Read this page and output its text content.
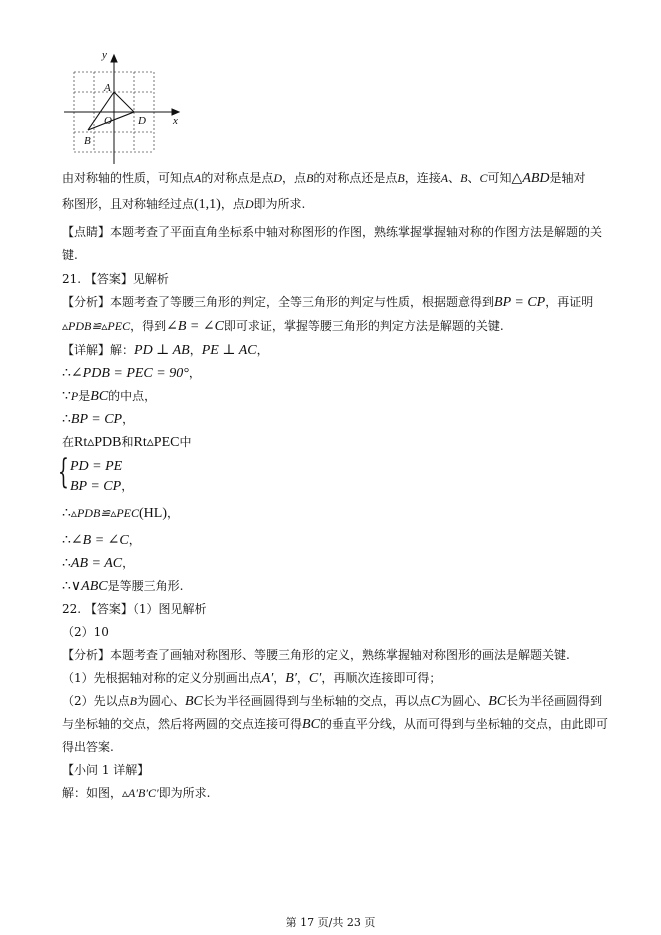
y
x
A
O D
B
由对称轴的性质，可知点A的对称点是点D，点B的对称点还是点B，连接A、B、C可知△ABD是轴对
称图形，且对称轴经过点(1,1)，点D即为所求.
【点睛】本题考查了平面直角坐标系中轴对称图形的作图，熟练掌握掌握轴对称的作图方法是解题的关
键.
21. 【答案】见解析
【分析】本题考查了等腰三角形的判定，全等三角形的判定与性质，根据题意得到BP = CP，再证明
▵PDB≌▵PEC，得到∠B = ∠C即可求证，掌握等腰三角形的判定方法是解题的关键.
【详解】解：PD ⊥ AB，PE ⊥ AC，
∴∠PDB = PEC = 90°，
∵P是BC的中点，
∴BP = CP，
在Rt▵PDB和Rt▵PEC中
{ PD = PE
BP = CP，
∴▵PDB≌▵PEC(HL)，
∴∠B = ∠C，
∴AB = AC，
∴∨ABC是等腰三角形.
22. 【答案】（1）图见解析
（2）10
【分析】本题考查了画轴对称图形、等腰三角形的定义，熟练掌握轴对称图形的画法是解题关键.
（1）先根据轴对称的定义分别画出点A′，B′，C′，再顺次连接即可得；
（2）先以点B为圆心、BC长为半径画圆得到与坐标轴的交点，再以点C为圆心、BC长为半径画圆得到
与坐标轴的交点，然后将两圆的交点连接可得BC的垂直平分线，从而可得到与坐标轴的交点，由此即可
得出答案.
【小问 1 详解】
解：如图，▵A′B′C′即为所求.
第 17 页/共 23 页
